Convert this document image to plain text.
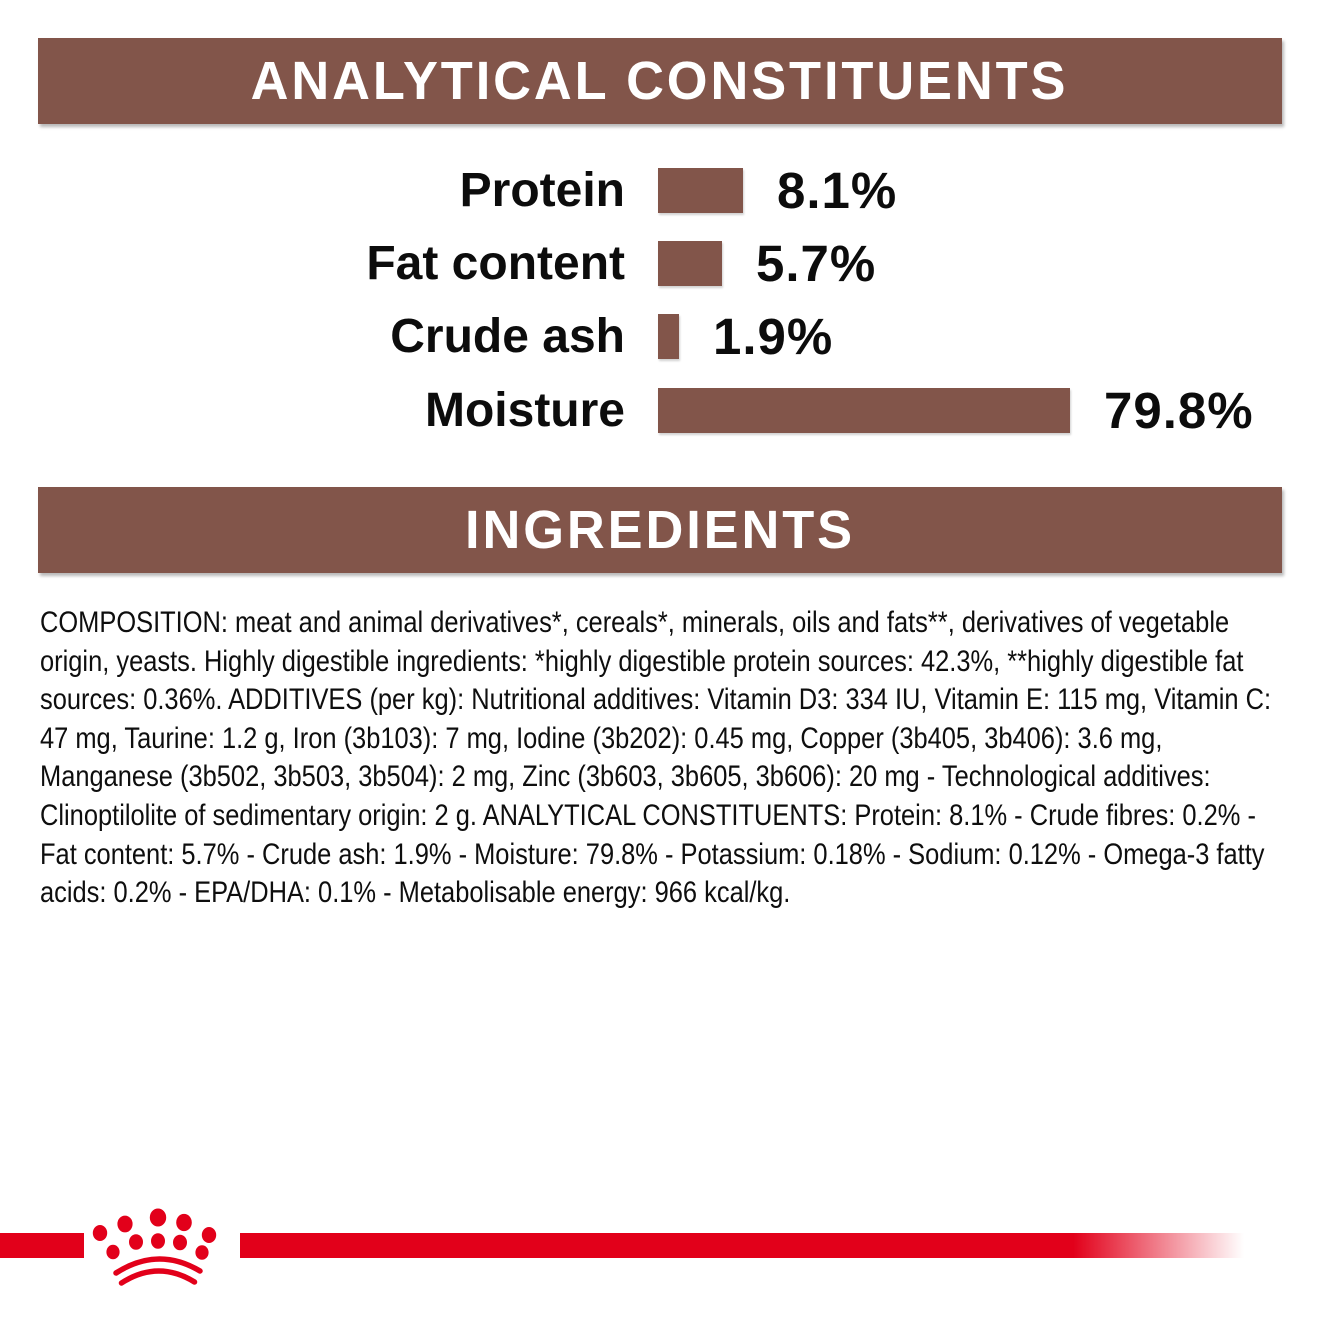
ANALYTICAL CONSTITUENTS
Protein	8.1%
Fat content	5.7%
Crude ash 1.9%
Moisture	79.8%
INGREDIENTS

COMPOSITION: meat and animal derivatives*, cereals*, minerals, oils and fats**, derivatives of vegetable origin, yeasts. Highly digestible ingredients: *highly digestible protein sources: 42.3%, **highly digestible fat sources: 0.36%. ADDITIVES (per kg): Nutritional additives: Vitamin D3: 334 IU, Vitamin E: 115 mg, Vitamin C: 47 mg, Taurine: 1.2 g, Iron (3b103): 7 mg, Iodine (3b202): 0.45 mg, Copper (3b405, 3b406): 3.6 mg, Manganese (3b502, 3b503, 3b504): 2 mg, Zinc (3b603, 3b605, 3b606): 20 mg - Technological additives: Clinoptilolite of sedimentary origin: 2 g. ANALYTICAL CONSTITUENTS: Protein: 8.1% - Crude fibres: 0.2% - Fat content: 5.7% - Crude ash: 1.9% - Moisture: 79.8% - Potassium: 0.18% - Sodium: 0.12% - Omega-3 fatty acids: 0.2% - EPA/DHA: 0.1% - Metabolisable energy: 966 kcal/kg.
